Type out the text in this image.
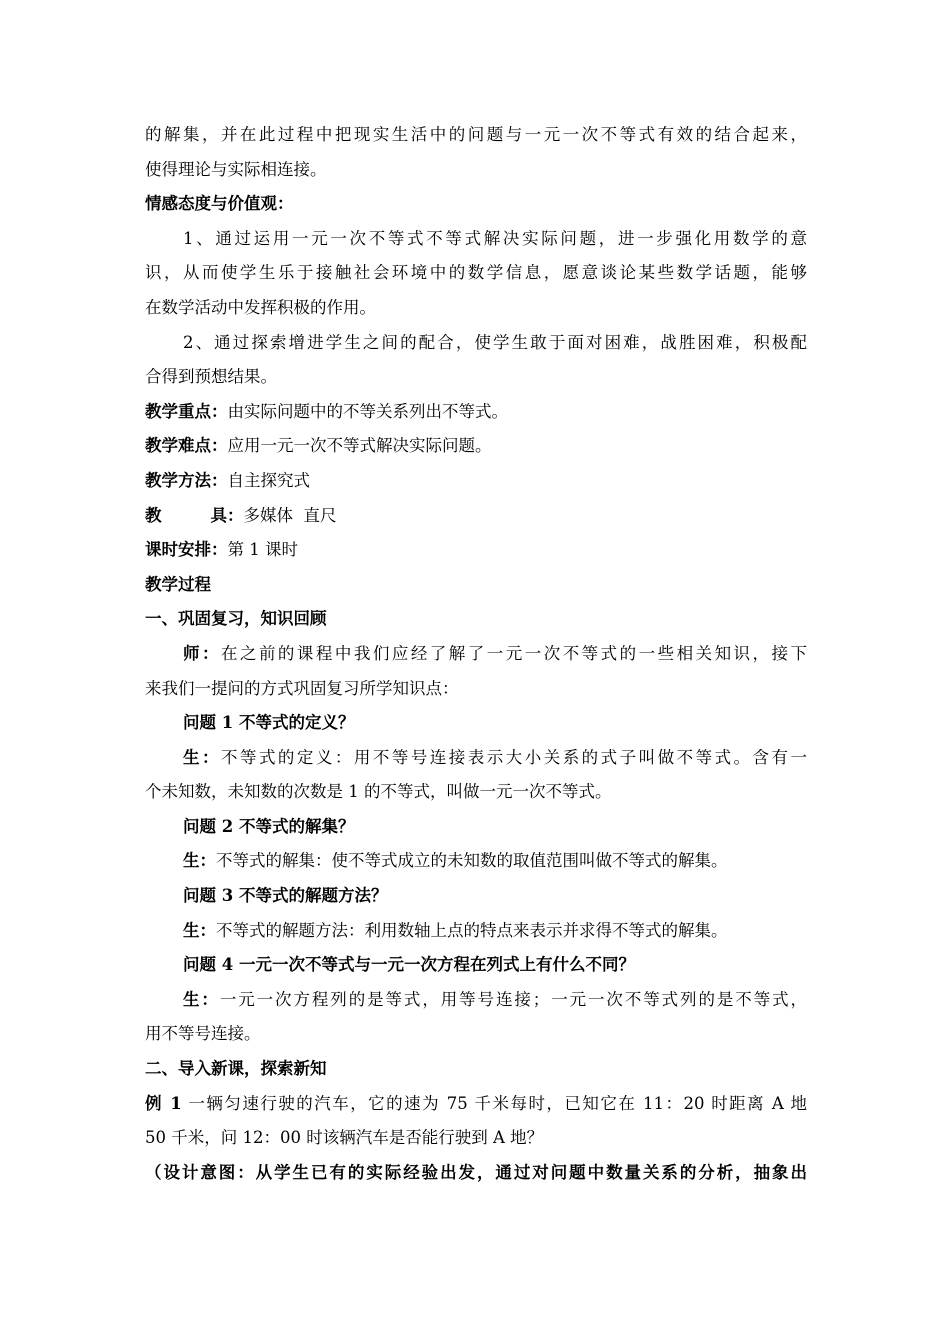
的解集，并在此过程中把现实生活中的问题与一元一次不等式有效的结合起来，
使得理论与实际相连接。
情感态度与价值观：
1、通过运用一元一次不等式不等式解决实际问题，进一步强化用数学的意
识，从而使学生乐于接触社会环境中的数学信息，愿意谈论某些数学话题，能够
在数学活动中发挥积极的作用。
2、通过探索增进学生之间的配合，使学生敢于面对困难，战胜困难，积极配
合得到预想结果。
教学重点：由实际问题中的不等关系列出不等式。
教学难点：应用一元一次不等式解决实际问题。
教学方法：自主探究式
教	具：多媒体  直尺
课时安排：第 1 课时
教学过程
一、巩固复习，知识回顾
师：在之前的课程中我们应经了解了一元一次不等式的一些相关知识，接下
来我们一提问的方式巩固复习所学知识点：
问题 1 不等式的定义？
生：不等式的定义：用不等号连接表示大小关系的式子叫做不等式。含有一
个未知数，未知数的次数是 1 的不等式，叫做一元一次不等式。
问题 2 不等式的解集？
生：不等式的解集：使不等式成立的未知数的取值范围叫做不等式的解集。
问题 3 不等式的解题方法？
生：不等式的解题方法：利用数轴上点的特点来表示并求得不等式的解集。
问题 4 一元一次不等式与一元一次方程在列式上有什么不同？
生：一元一次方程列的是等式，用等号连接；一元一次不等式列的是不等式，
用不等号连接。
二、导入新课，探索新知
例 1 一辆匀速行驶的汽车，它的速为 75 千米每时，已知它在 11：20 时距离 A 地
50 千米，问 12：00 时该辆汽车是否能行驶到 A 地？
（设计意图：从学生已有的实际经验出发，通过对问题中数量关系的分析，抽象出
